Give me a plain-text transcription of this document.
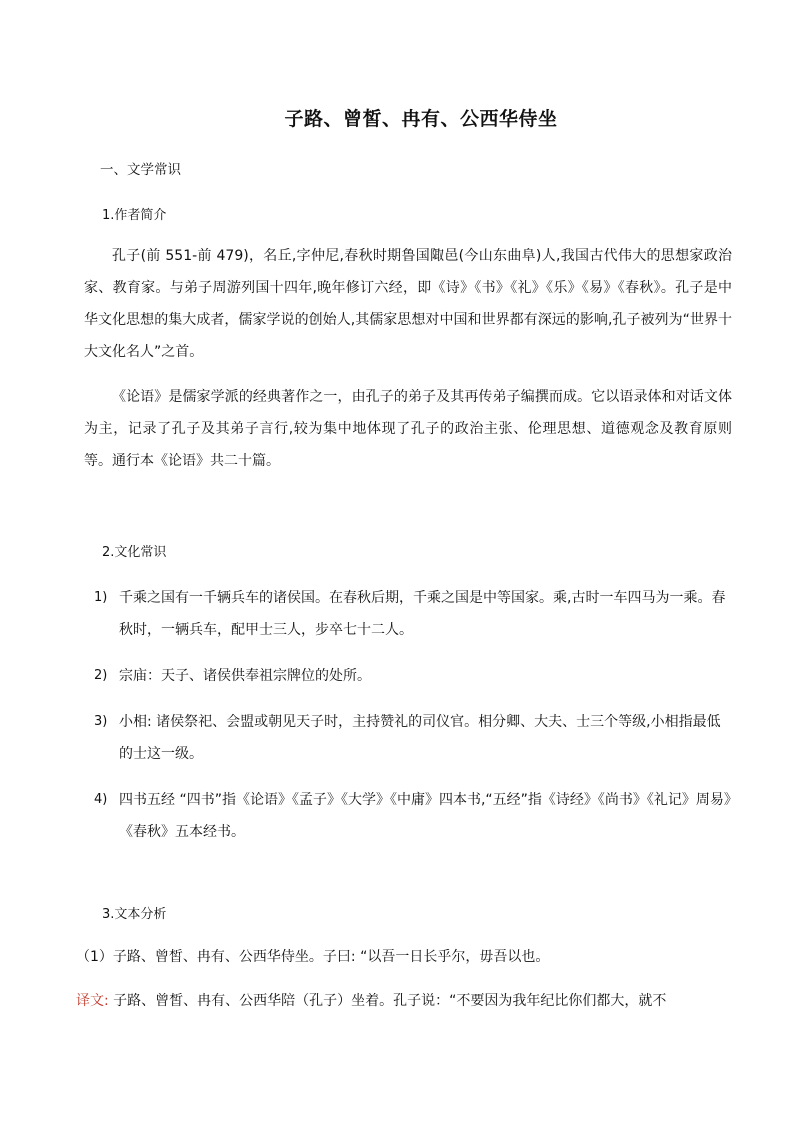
子路、曾皙、冉有、公西华侍坐
一、文学常识
1.作者简介

孔子(前 551-前 479)，名丘,字仲尼,春秋时期鲁国陬邑(今山东曲阜)人,我国古代伟大的思想家政治家、教育家。与弟子周游列国十四年,晚年修订六经，即《诗》《书》《礼》《乐》《易》《春秋》。孔子是中华文化思想的集大成者，儒家学说的创始人,其儒家思想对中国和世界都有深远的影响,孔子被列为“世界十大文化名人”之首。

《论语》是儒家学派的经典著作之一，由孔子的弟子及其再传弟子编撰而成。它以语录体和对话文体为主，记录了孔子及其弟子言行,较为集中地体现了孔子的政治主张、伦理思想、道德观念及教育原则等。通行本《论语》共二十篇。

2.文化常识
1) 千乘之国有一千辆兵车的诸侯国。在春秋后期，千乘之国是中等国家。乘,古时一车四马为一乘。春秋时，一辆兵车，配甲士三人，步卒七十二人。
2) 宗庙：天子、诸侯供奉祖宗牌位的处所。
3) 小相: 诸侯祭祀、会盟或朝见天子时，主持赞礼的司仪官。相分卿、大夫、士三个等级,小相指最低的士这一级。
4) 四书五经 “四书”指《论语》《孟子》《大学》《中庸》四本书,“五经”指《诗经》《尚书》《礼记》周易》《春秋》五本经书。
3.文本分析
（1）子路、曾皙、冉有、公西华侍坐。子曰: “以吾一日长乎尔，毋吾以也。
译文: 子路、曾皙、冉有、公西华陪（孔子）坐着。孔子说：“不要因为我年纪比你们都大，就不
